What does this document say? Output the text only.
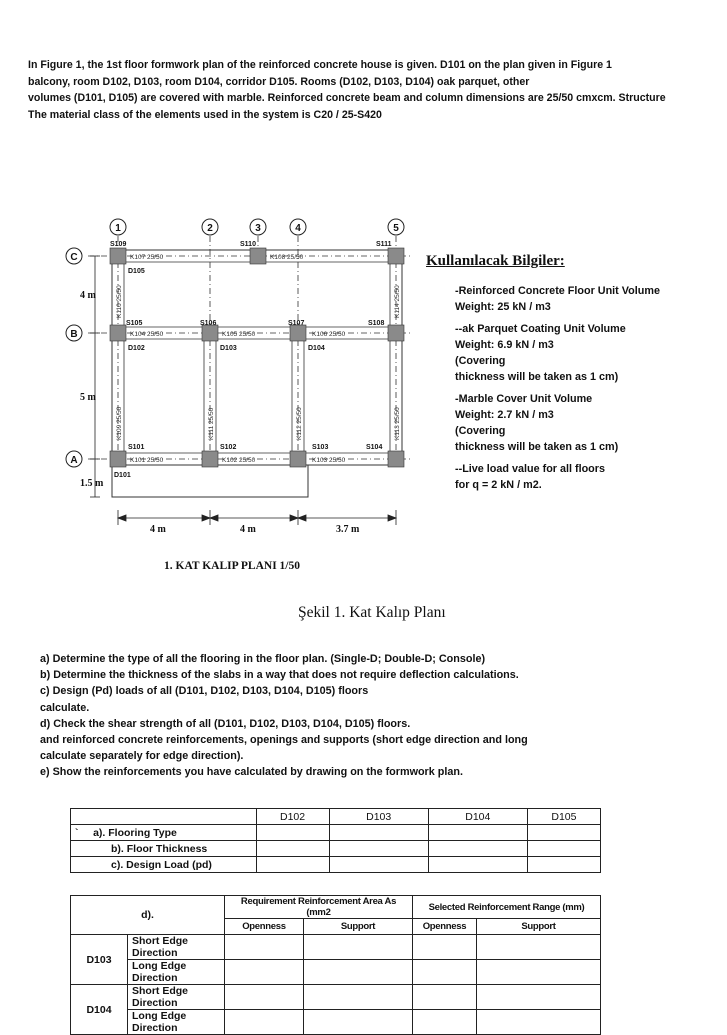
In Figure 1, the 1st floor formwork plan of the reinforced concrete house is given. D101 on the plan given in Figure 1
balcony, room D102, D103, room D104, corridor D105. Rooms (D102, D103, D104) oak parquet, other
volumes (D101, D105) are covered with marble. Reinforced concrete beam and column dimensions are 25/50 cmxcm. Structure
The material class of the elements used in the system is C20 / 25-S420
1	2	3	4	5
C
B
A
S109	S110	S111
S105	S106	S107	S108
S101	S102	S103	S104
K107 25/50	K108 25/50
K104 25/50	K105 25/50	K106 25/50
K101 25/50	K102 25/50	K103 25/50
K110 25/50	K114 25/50
K109 25/50	K111 25/50	K112 25/50	K113 25/50
D105
D102	D103	D104
D101
4 m
5 m
1.5 m
4 m	4 m	3.7 m
1. KAT KALIP PLANI 1/50
Kullanılacak Bilgiler:
-Reinforced Concrete Floor Unit Volume
Weight: 25 kN / m3
--ak Parquet Coating Unit Volume
Weight: 6.9 kN / m3
(Covering
thickness will be taken as 1 cm)
-Marble Cover Unit Volume
Weight: 2.7 kN / m3
(Covering
thickness will be taken as 1 cm)
--Live load value for all floors
for q = 2 kN / m2.
Şekil 1. Kat Kalıp Planı
a) Determine the type of all the flooring in the floor plan. (Single-D; Double-D; Console)
b) Determine the thickness of the slabs in a way that does not require deflection calculations.
c) Design (Pd) loads of all (D101, D102, D103, D104, D105) floors
calculate.
d) Check the shear strength of all (D101, D102, D103, D104, D105) floors.
and reinforced concrete reinforcements, openings and supports (short edge direction and long
calculate separately for edge direction).
e) Show the reinforcements you have calculated by drawing on the formwork plan.
	D102	D103	D104	D105
` a). Flooring Type				
b). Floor Thickness				
c). Design Load (pd)				
d).		Requirement Reinforcement Area As (mm2		Selected Reinforcement Range (mm)	
		Openness	Support	Openness	Support
D103	Short Edge Direction				
	Long Edge Direction				
D104	Short Edge Direction				
	Long Edge Direction				
